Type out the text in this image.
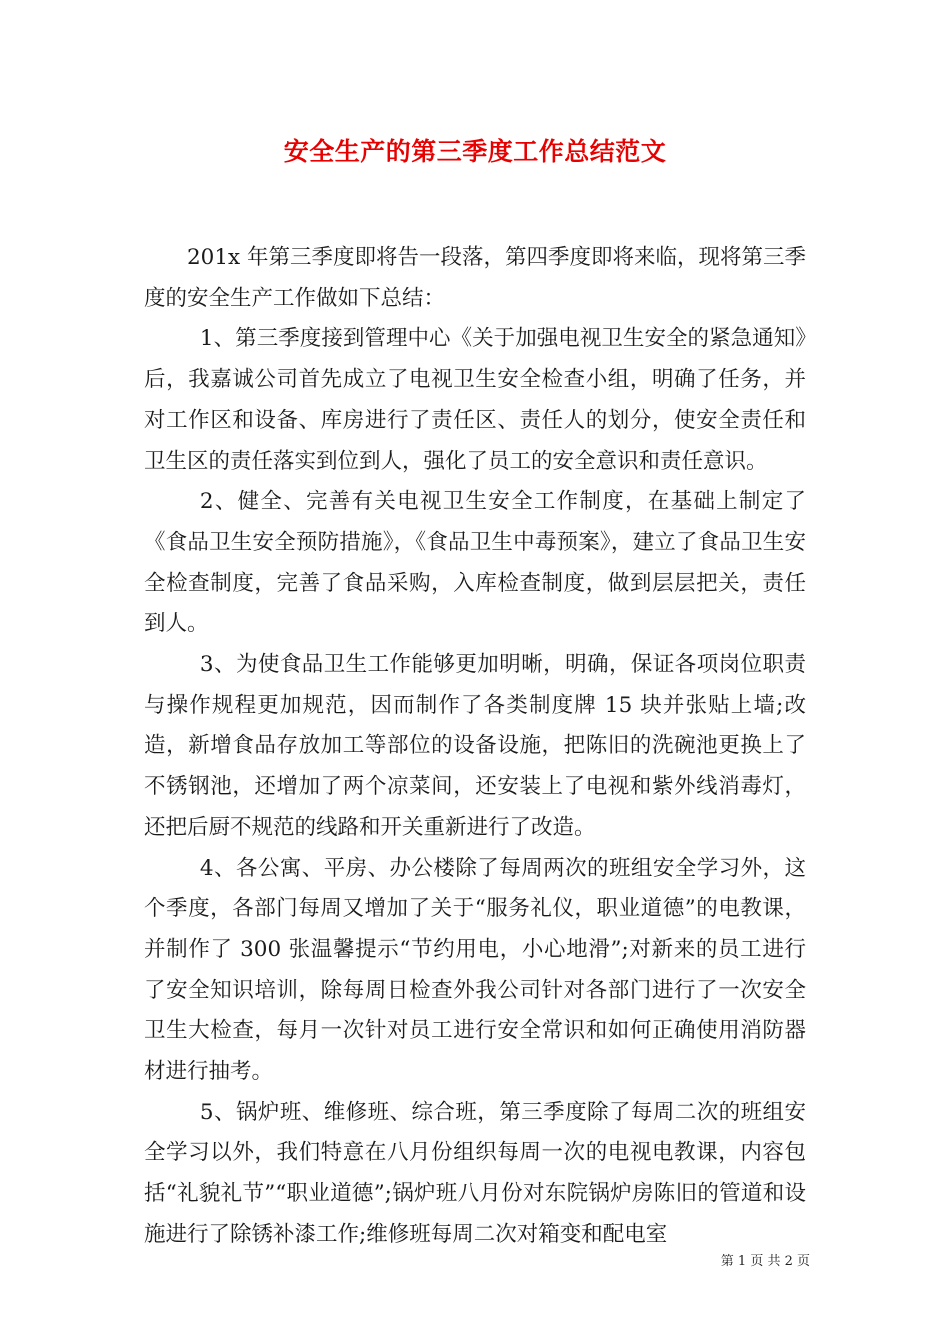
安全生产的第三季度工作总结范文

201x 年第三季度即将告一段落，第四季度即将来临，现将第三季度的安全生产工作做如下总结：

1、第三季度接到管理中心《关于加强电视卫生安全的紧急通知》后，我嘉诚公司首先成立了电视卫生安全检查小组，明确了任务，并对工作区和设备、库房进行了责任区、责任人的划分，使安全责任和卫生区的责任落实到位到人，强化了员工的安全意识和责任意识。

2、健全、完善有关电视卫生安全工作制度，在基础上制定了《食品卫生安全预防措施》，《食品卫生中毒预案》，建立了食品卫生安全检查制度，完善了食品采购，入库检查制度，做到层层把关，责任到人。

3、为使食品卫生工作能够更加明晰，明确，保证各项岗位职责与操作规程更加规范，因而制作了各类制度牌 15 块并张贴上墙;改造，新增食品存放加工等部位的设备设施，把陈旧的洗碗池更换上了不锈钢池，还增加了两个凉菜间，还安装上了电视和紫外线消毒灯，还把后厨不规范的线路和开关重新进行了改造。

4、各公寓、平房、办公楼除了每周两次的班组安全学习外，这个季度，各部门每周又增加了关于“服务礼仪，职业道德”的电教课，并制作了 300 张温馨提示“节约用电，小心地滑”;对新来的员工进行了安全知识培训，除每周日检查外我公司针对各部门进行了一次安全卫生大检查，每月一次针对员工进行安全常识和如何正确使用消防器材进行抽考。

5、锅炉班、维修班、综合班，第三季度除了每周二次的班组安全学习以外，我们特意在八月份组织每周一次的电视电教课，内容包括“礼貌礼节”“职业道德”;锅炉班八月份对东院锅炉房陈旧的管道和设施进行了除锈补漆工作;维修班每周二次对箱变和配电室

第 1 页 共 2 页
